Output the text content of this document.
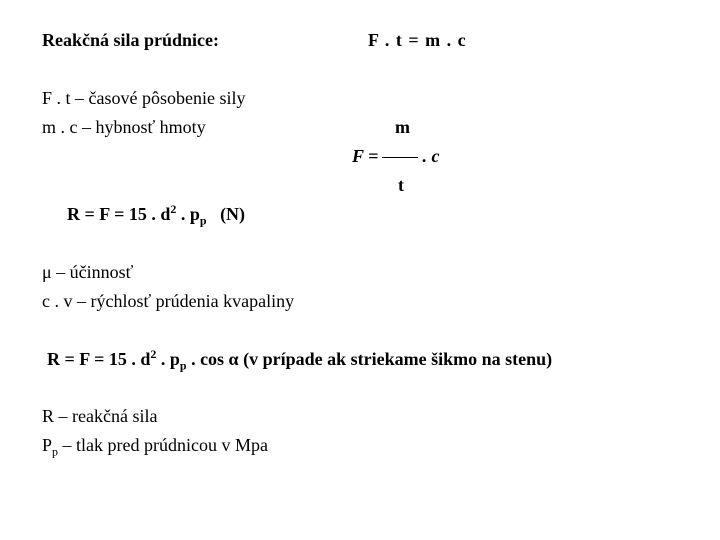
Reakčná sila prúdnice:	F . t = m . c
F . t – časové pôsobenie sily
m . c – hybnosť hmoty	m
F = . c
t
R = F = 15 . $d^2$ . $p_p$ (N)
μ – účinnosť
c . v – rýchlosť prúdenia kvapaliny
R = F = 15 . $d^2$ . $p_p$ . cos α (v prípade ak striekame šikmo na stenu)
R – reakčná sila
$P_p$ – tlak pred prúdnicou v Mpa
